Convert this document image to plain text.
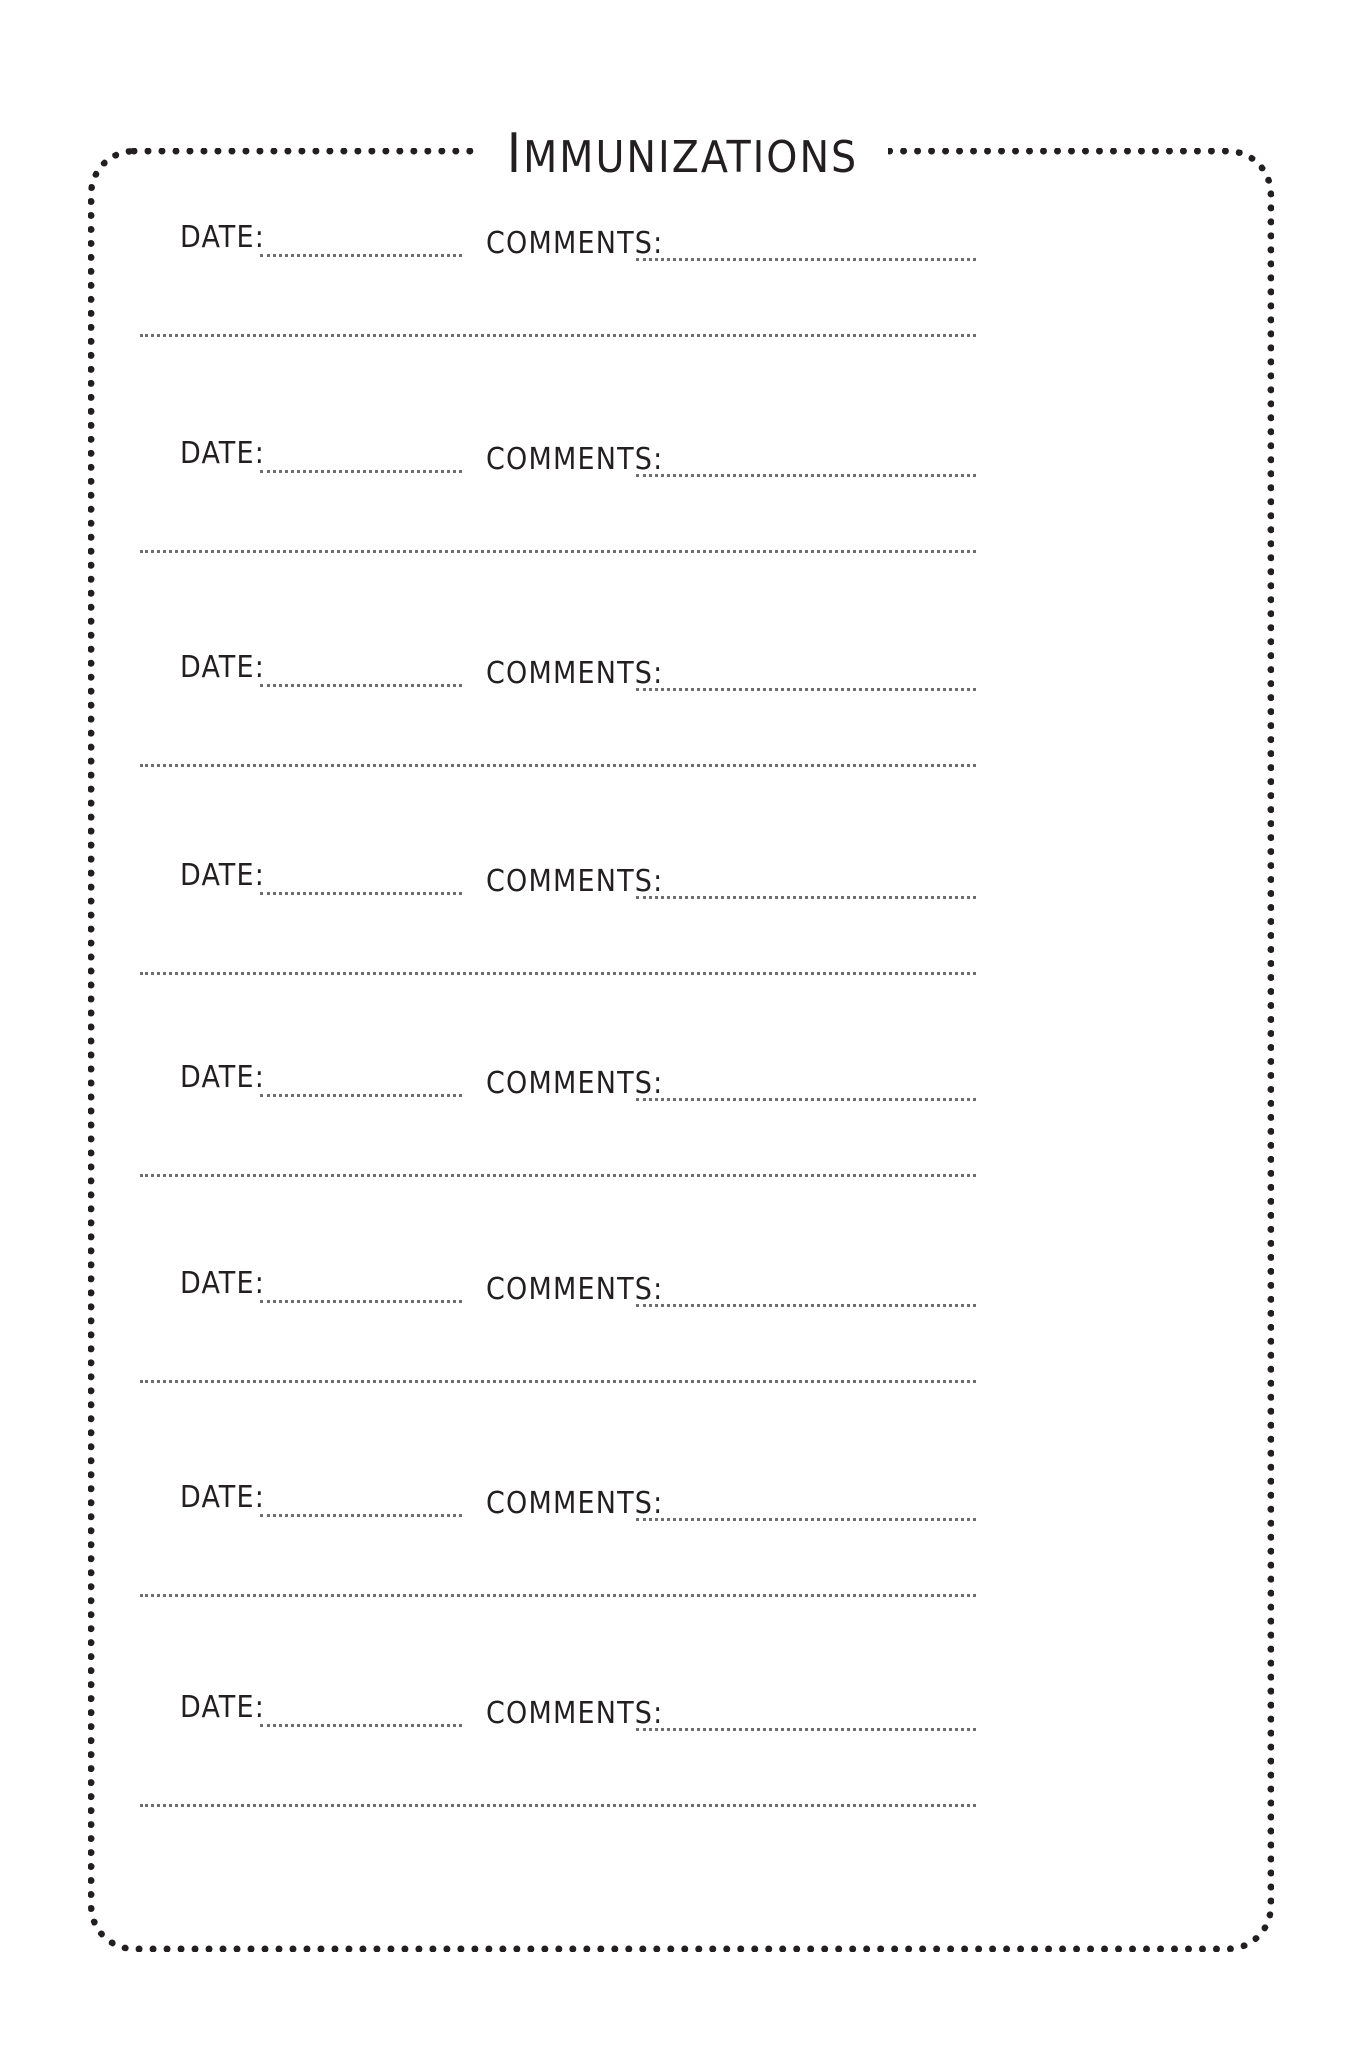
IMMUNIZATIONS
DATE:	COMMENTS:
DATE:	COMMENTS:
DATE:	COMMENTS:
DATE:	COMMENTS:
DATE:	COMMENTS:
DATE:	COMMENTS:
DATE:	COMMENTS:
DATE:	COMMENTS:
